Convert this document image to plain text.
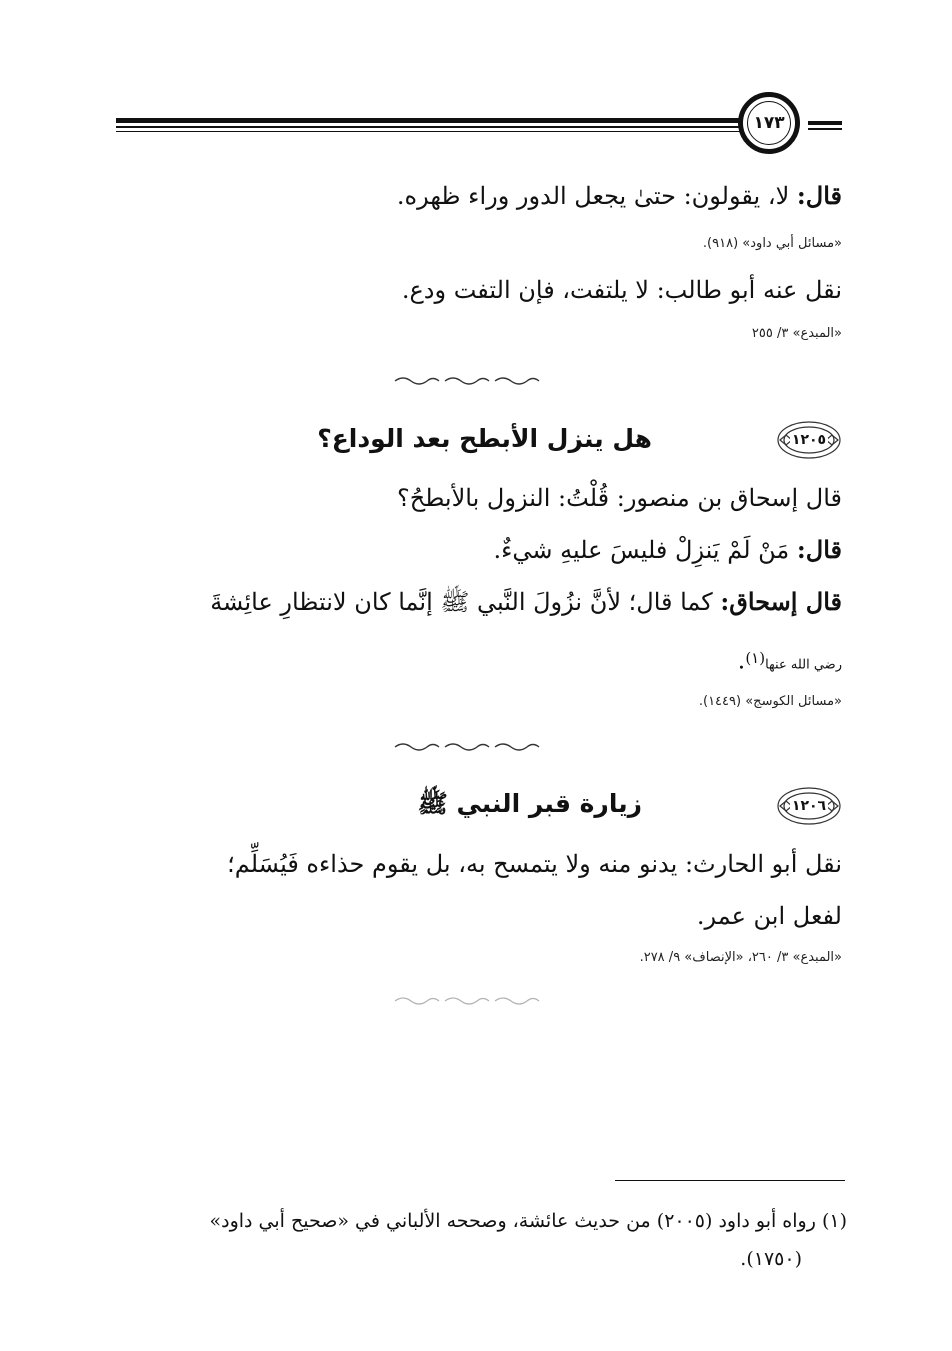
١٧٣
قال: لا، يقولون: حتىٰ يجعل الدور وراء ظهره.
«مسائل أبي داود» (٩١٨).
نقل عنه أبو طالب: لا يلتفت، فإن التفت ودع.
«المبدع» ٣/ ٢٥٥
١٢٠٥
هل ينزل الأبطح بعد الوداع؟
قال إسحاق بن منصور: قُلْتُ: النزول بالأبطحُ؟
قال: مَنْ لَمْ يَنزِلْ فليسَ عليهِ شيءٌ.
قال إسحاق: كما قال؛ لأنَّ نزُولَ النَّبي ﷺ إنَّما كان لانتظارِ عائِشةَ
رضي الله عنها$^{(١)}$.
«مسائل الكوسج» (١٤٤٩).
١٢٠٦
زيارة قبر النبي ﷺ
نقل أبو الحارث: يدنو منه ولا يتمسح به، بل يقوم حذاءه فَيُسَلِّم؛
لفعل ابن عمر.
«المبدع» ٣/ ٢٦٠، «الإنصاف» ٩/ ٢٧٨.
(١) رواه أبو داود (٢٠٠٥) من حديث عائشة، وصححه الألباني في «صحيح أبي داود»
(١٧٥٠).
